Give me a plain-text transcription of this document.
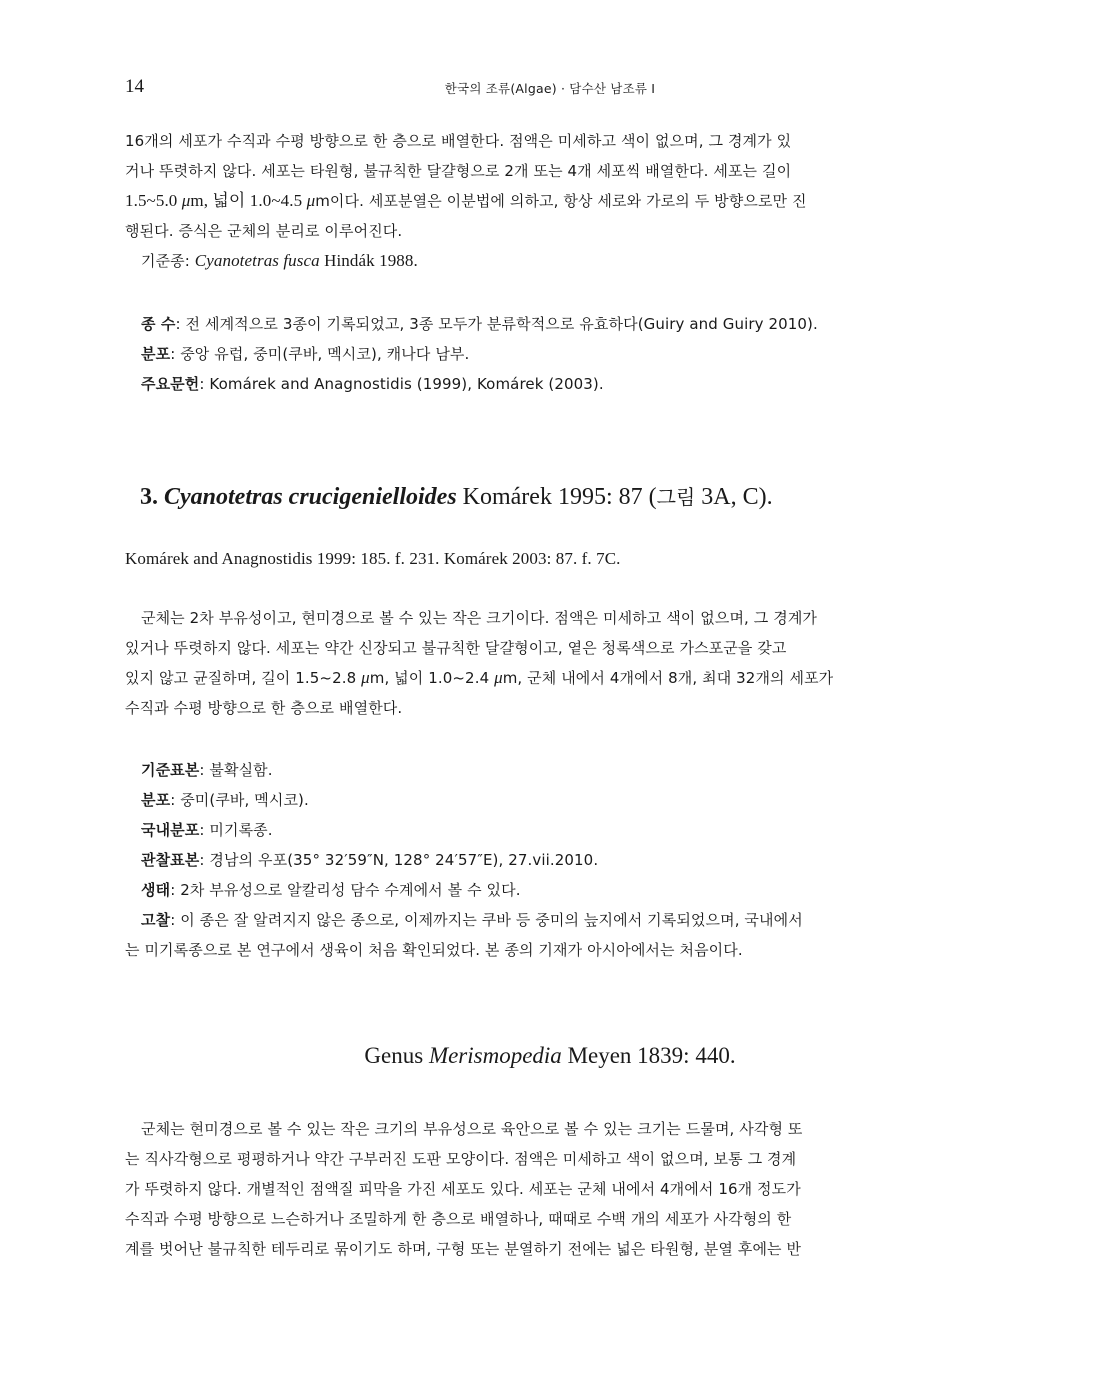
14	한국의 조류(Algae) · 담수산 남조류 I

16개의 세포가 수직과 수평 방향으로 한 층으로 배열한다. 점액은 미세하고 색이 없으며, 그 경계가 있

거나 뚜렷하지 않다. 세포는 타원형, 불규칙한 달걀형으로 2개 또는 4개 세포씩 배열한다. 세포는 길이

1.5~5.0 μm, 넓이 1.0~4.5 μm이다. 세포분열은 이분법에 의하고, 항상 세로와 가로의 두 방향으로만 진

행된다. 증식은 군체의 분리로 이루어진다.

기준종: Cyanotetras fusca Hindák 1988.

종 수: 전 세계적으로 3종이 기록되었고, 3종 모두가 분류학적으로 유효하다(Guiry and Guiry 2010).

분포: 중앙 유럽, 중미(쿠바, 멕시코), 캐나다 남부.

주요문헌: Komárek and Anagnostidis (1999), Komárek (2003).

3. Cyanotetras crucigenielloides Komárek 1995: 87 (그림 3A, C).

Komárek and Anagnostidis 1999: 185. f. 231. Komárek 2003: 87. f. 7C.

군체는 2차 부유성이고, 현미경으로 볼 수 있는 작은 크기이다. 점액은 미세하고 색이 없으며, 그 경계가

있거나 뚜렷하지 않다. 세포는 약간 신장되고 불규칙한 달걀형이고, 옅은 청록색으로 가스포군을 갖고

있지 않고 균질하며, 길이 1.5~2.8 μm, 넓이 1.0~2.4 μm, 군체 내에서 4개에서 8개, 최대 32개의 세포가

수직과 수평 방향으로 한 층으로 배열한다.

기준표본: 불확실함.

분포: 중미(쿠바, 멕시코).

국내분포: 미기록종.

관찰표본: 경남의 우포(35° 32′59″N, 128° 24′57″E), 27.vii.2010.

생태: 2차 부유성으로 알칼리성 담수 수계에서 볼 수 있다.

고찰: 이 종은 잘 알려지지 않은 종으로, 이제까지는 쿠바 등 중미의 늪지에서 기록되었으며, 국내에서

는 미기록종으로 본 연구에서 생육이 처음 확인되었다. 본 종의 기재가 아시아에서는 처음이다.

Genus Merismopedia Meyen 1839: 440.

군체는 현미경으로 볼 수 있는 작은 크기의 부유성으로 육안으로 볼 수 있는 크기는 드물며, 사각형 또

는 직사각형으로 평평하거나 약간 구부러진 도판 모양이다. 점액은 미세하고 색이 없으며, 보통 그 경계

가 뚜렷하지 않다. 개별적인 점액질 피막을 가진 세포도 있다. 세포는 군체 내에서 4개에서 16개 정도가

수직과 수평 방향으로 느슨하거나 조밀하게 한 층으로 배열하나, 때때로 수백 개의 세포가 사각형의 한

계를 벗어난 불규칙한 테두리로 묶이기도 하며, 구형 또는 분열하기 전에는 넓은 타원형, 분열 후에는 반
